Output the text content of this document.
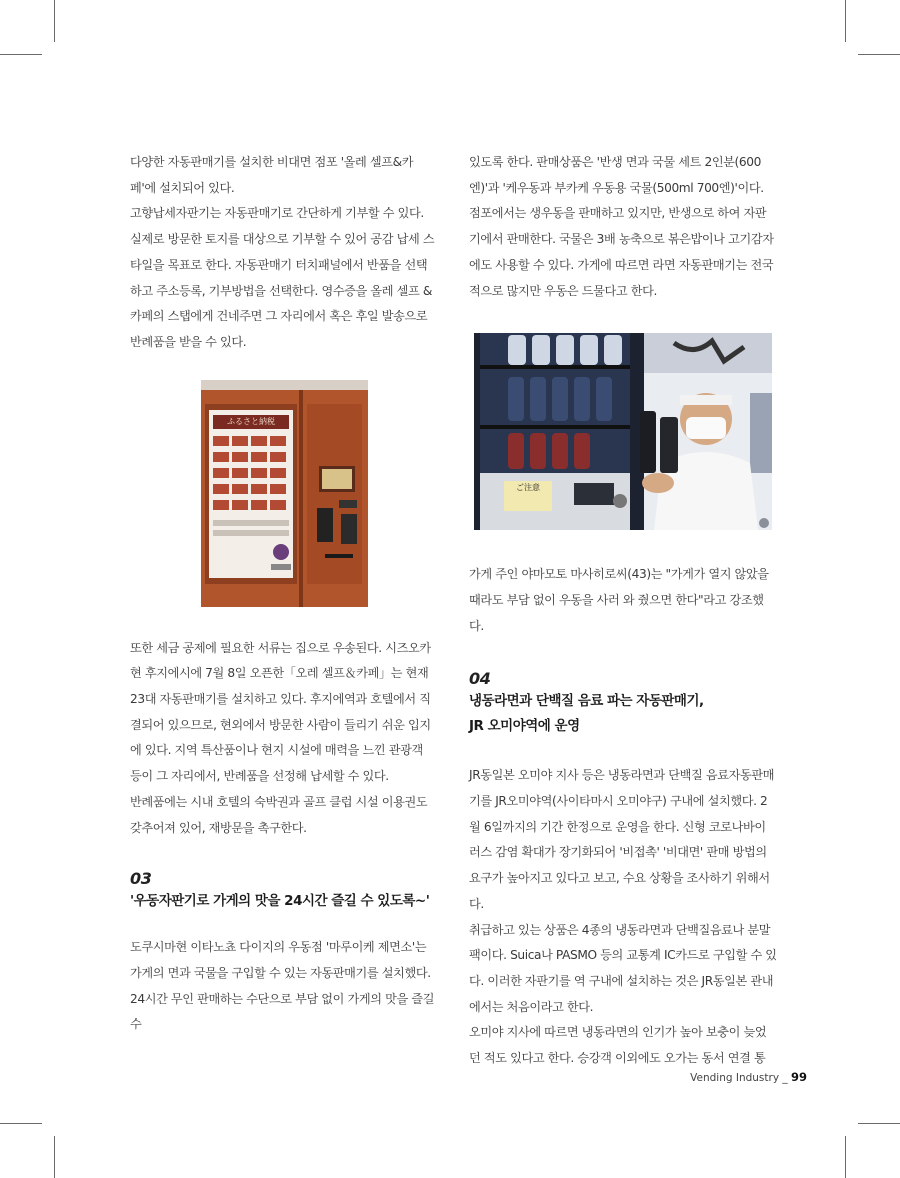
다양한 자동판매기를 설치한 비대면 점포 '올레 셀프&카페'에 설치되어 있다.

고향납세자판기는 자동판매기로 간단하게 기부할 수 있다. 실제로 방문한 토지를 대상으로 기부할 수 있어 공감 납세 스타일을 목표로 한다. 자동판매기 터치패널에서 반품을 선택하고 주소등록, 기부방법을 선택한다. 영수증을 올레 셀프 & 카페의 스탭에게 건네주면 그 자리에서 혹은 후일 발송으로 반례품을 받을 수 있다.

또한 세금 공제에 필요한 서류는 집으로 우송된다. 시즈오카현 후지에시에 7월 8일 오픈한「오레 셀프＆카페」는 현재 23대 자동판매기를 설치하고 있다. 후지에역과 호텔에서 직결되어 있으므로, 현외에서 방문한 사람이 들리기 쉬운 입지에 있다. 지역 특산품이나 현지 시설에 매력을 느낀 관광객 등이 그 자리에서, 반례품을 선정해 납세할 수 있다.

반례품에는 시내 호텔의 숙박권과 골프 클럽 시설 이용권도 갖추어져 있어, 재방문을 촉구한다.

03
'우동자판기로 가게의 맛을 24시간 즐길 수 있도록~'

도쿠시마현 이타노쵸 다이지의 우동점 '마루이케 제면소'는 가게의 면과 국물을 구입할 수 있는 자동판매기를 설치했다. 24시간 무인 판매하는 수단으로 부담 없이 가게의 맛을 즐길 수

ふるさと納税

있도록 한다. 판매상품은 '반생 면과 국물 세트 2인분(600엔)'과 '케우동과 부카케 우동용 국물(500ml 700엔)'이다. 점포에서는 생우동을 판매하고 있지만, 반생으로 하여 자판기에서 판매한다. 국물은 3배 농축으로 볶은밥이나 고기감자에도 사용할 수 있다. 가게에 따르면 라면 자동판매기는 전국적으로 많지만 우동은 드물다고 한다.

가게 주인 야마모토 마사히로씨(43)는 "가게가 열지 않았을 때라도 부담 없이 우동을 사러 와 줬으면 한다"라고 강조했다.

04
냉동라면과 단백질 음료 파는 자동판매기,
JR 오미야역에 운영

JR동일본 오미야 지사 등은 냉동라면과 단백질 음료자동판매기를 JR오미야역(사이타마시 오미야구) 구내에 설치했다. 2월 6일까지의 기간 한정으로 운영을 한다. 신형 코로나바이러스 감염 확대가 장기화되어 '비접촉' '비대면' 판매 방법의 요구가 높아지고 있다고 보고, 수요 상황을 조사하기 위해서다.

취급하고 있는 상품은 4종의 냉동라면과 단백질음료나 분말팩이다. Suica나 PASMO 등의 교통계 IC카드로 구입할 수 있다. 이러한 자판기를 역 구내에 설치하는 것은 JR동일본 관내에서는 처음이라고 한다.

오미야 지사에 따르면 냉동라면의 인기가 높아 보충이 늦었던 적도 있다고 한다. 승강객 이외에도 오가는 동서 연결 통

ご注意
Vending Industry _ 99
